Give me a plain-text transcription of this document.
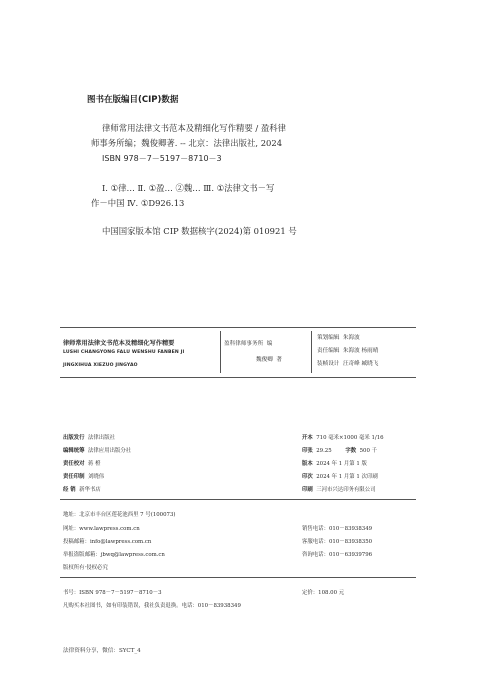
图书在版编目(CIP)数据
律师常用法律文书范本及精细化写作精要 / 盈科律
师事务所编；魏俊卿著. -- 北京：法律出版社, 2024
ISBN 978－7－5197－8710－3
Ⅰ. ①律… Ⅱ. ①盈… ②魏… Ⅲ. ①法律文书－写
作－中国 Ⅳ. ①D926.13
中国国家版本馆 CIP 数据核字(2024)第 010921 号
律师常用法律文书范本及精细化写作精要
LUSHI CHANGYONG FALU WENSHU FANBEN JI
JINGXIHUA XIEZUO JINGYAO
盈科律师事务所 编
魏俊卿 著
策划编辑 朱海波
责任编辑 朱海波 杨雨晴
装帧设计 汪奇峰 臧晓飞
出版发行 法律出版社
编辑统筹 法律应用出版分社
责任校对 蒋 橙
责任印制 刘晓伟
经 销 新华书店
开本 710 毫米×1000 毫米 1/16
印张 29.25	字数 500 千
版本 2024 年 1 月第 1 版
印次 2024 年 1 月第 1 次印刷
印刷 三河市兴达印务有限公司
地址：北京市丰台区莲花池西里 7 号(100073)
网址：www.lawpress.com.cn
投稿邮箱：info@lawpress.com.cn
举报盗版邮箱：jbwq@lawpress.com.cn
版权所有·侵权必究
销售电话：010－83938349
客服电话：010－83938350
咨询电话：010－63939796
书号：ISBN 978－7－5197－8710－3	定价：108.00 元
凡购买本社图书，如有印装错误，我社负责退换。电话：010－83938349
法律资料分享，微信：SYCT_4
